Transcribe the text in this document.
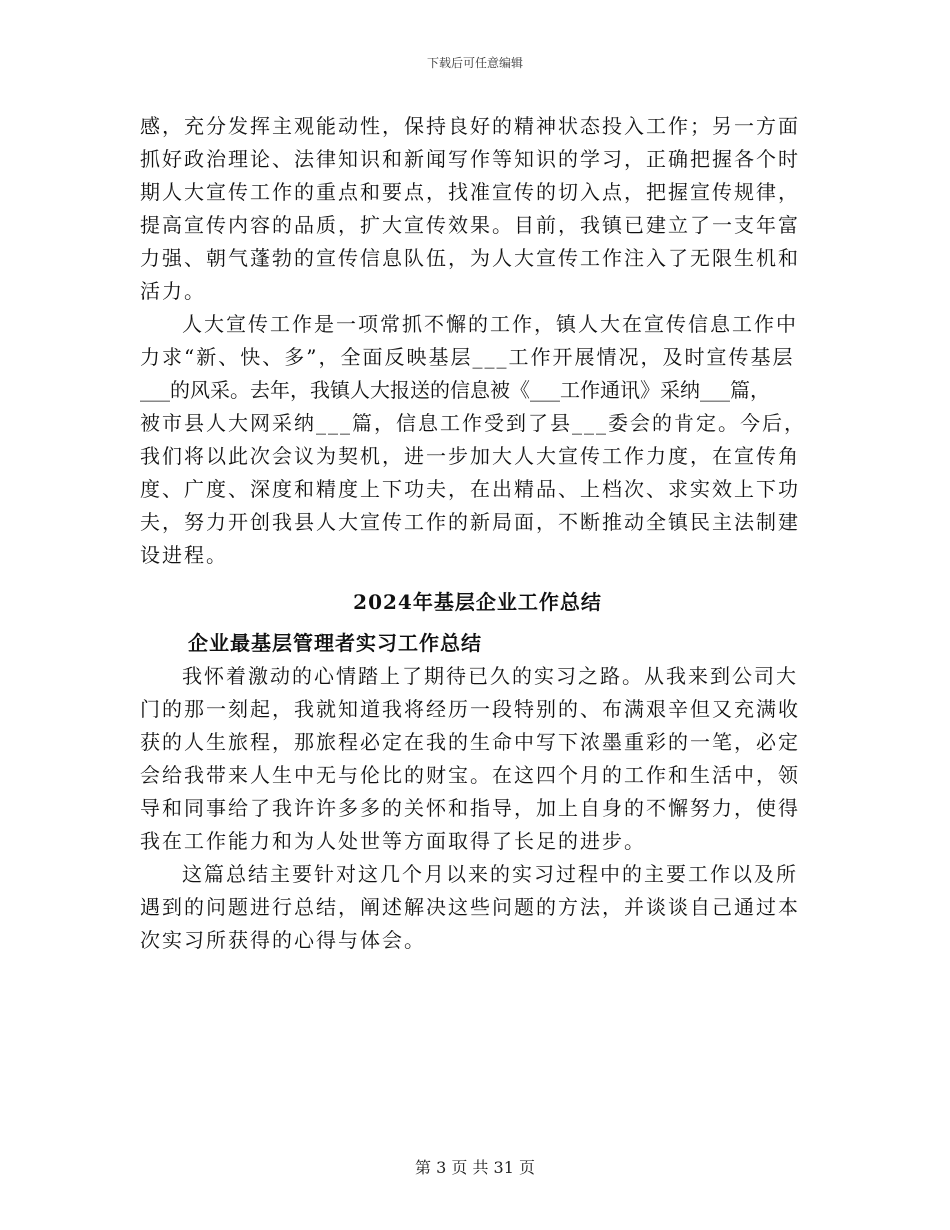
下载后可任意编辑
感，充分发挥主观能动性，保持良好的精神状态投入工作；另一方面
抓好政治理论、法律知识和新闻写作等知识的学习，正确把握各个时
期人大宣传工作的重点和要点，找准宣传的切入点，把握宣传规律，
提高宣传内容的品质，扩大宣传效果。目前，我镇已建立了一支年富
力强、朝气蓬勃的宣传信息队伍，为人大宣传工作注入了无限生机和
活力。
人大宣传工作是一项常抓不懈的工作，镇人大在宣传信息工作中
力求“新、快、多”，全面反映基层___工作开展情况，及时宣传基层
___的风采。去年，我镇人大报送的信息被《___工作通讯》采纳___篇，
被市县人大网采纳___篇，信息工作受到了县___委会的肯定。今后，
我们将以此次会议为契机，进一步加大人大宣传工作力度，在宣传角
度、广度、深度和精度上下功夫，在出精品、上档次、求实效上下功
夫，努力开创我县人大宣传工作的新局面，不断推动全镇民主法制建
设进程。
2024年基层企业工作总结
企业最基层管理者实习工作总结
我怀着激动的心情踏上了期待已久的实习之路。从我来到公司大
门的那一刻起，我就知道我将经历一段特别的、布满艰辛但又充满收
获的人生旅程，那旅程必定在我的生命中写下浓墨重彩的一笔，必定
会给我带来人生中无与伦比的财宝。在这四个月的工作和生活中，领
导和同事给了我许许多多的关怀和指导，加上自身的不懈努力，使得
我在工作能力和为人处世等方面取得了长足的进步。
这篇总结主要针对这几个月以来的实习过程中的主要工作以及所
遇到的问题进行总结，阐述解决这些问题的方法，并谈谈自己通过本
次实习所获得的心得与体会。
第 3 页 共 31 页
